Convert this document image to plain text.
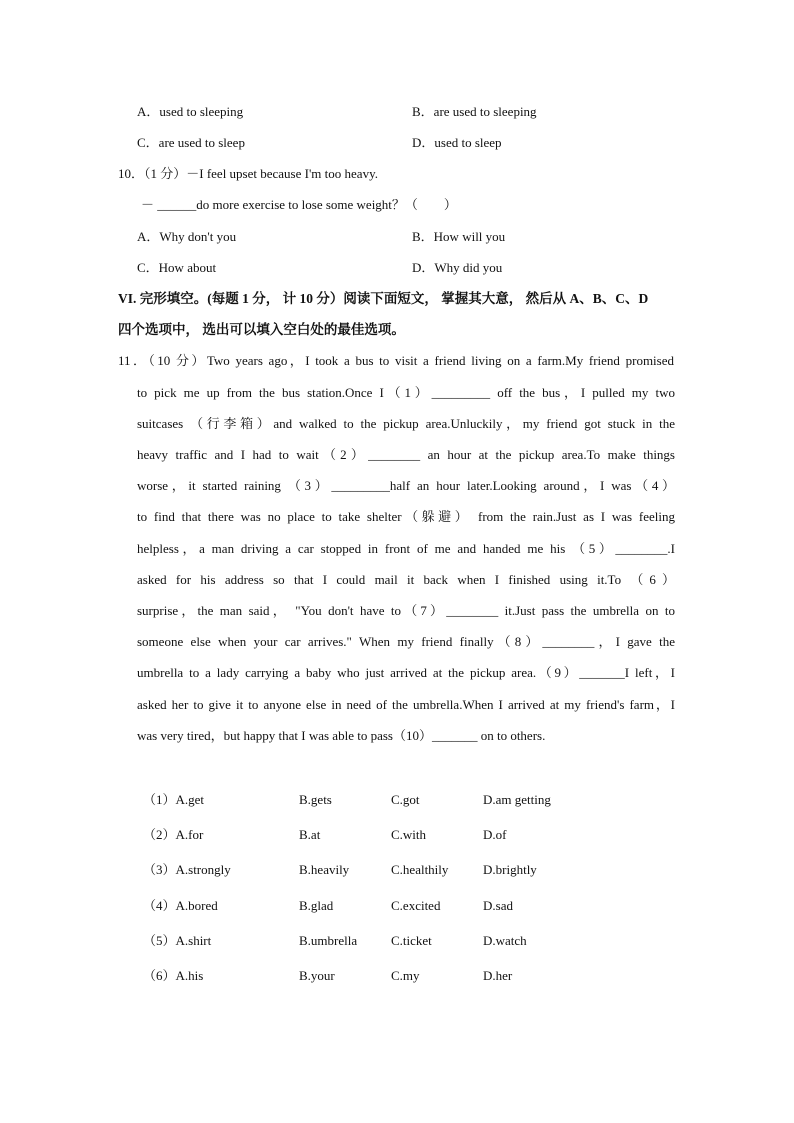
A．used to sleeping	B．are used to sleeping
C．are used to sleep	D．used to sleep
10．（1 分）－I feel upset because I'm too heavy.
－ ______do more exercise to lose some weight？（　　）
A．Why don't you	B．How will you
C．How about	D．Why did you
VI. 完形填空。(每题 1 分， 计 10 分）阅读下面短文， 掌握其大意， 然后从 A、B、C、D
四个选项中， 选出可以填入空白处的最佳选项。
11．（10 分）Two years ago，I took a bus to visit a friend living on a farm.My friend promised
to pick me up from the bus station.Once I（1）_________ off the bus，I pulled my two
suitcases （行李箱）and walked to the pickup area.Unluckily，my friend got stuck in the
heavy traffic and I had to wait（2）________ an hour at the pickup area.To make things
worse，it started raining （3）_________half an hour later.Looking around，I was（4）
to find that there was no place to take shelter（躲避） from the rain.Just as I was feeling
helpless，a man driving a car stopped in front of me and handed me his （5）________.I
asked for his address so that I could mail it back when I finished using it.To （6）
surprise，the man said， "You don't have to（7）________ it.Just pass the umbrella on to
someone else when your car arrives." When my friend finally（8）________，I gave the
umbrella to a lady carrying a baby who just arrived at the pickup area.（9）_______I left，I
asked her to give it to anyone else in need of the umbrella.When I arrived at my friend's farm，I
was very tired，but happy that I was able to pass（10）_______ on to others.
（1）A.get	B.gets	C.got	D.am getting
（2）A.for	B.at	C.with	D.of
（3）A.strongly	B.heavily	C.healthily	D.brightly
（4）A.bored	B.glad	C.excited	D.sad
（5）A.shirt	B.umbrella	C.ticket	D.watch
（6）A.his	B.your	C.my	D.her
